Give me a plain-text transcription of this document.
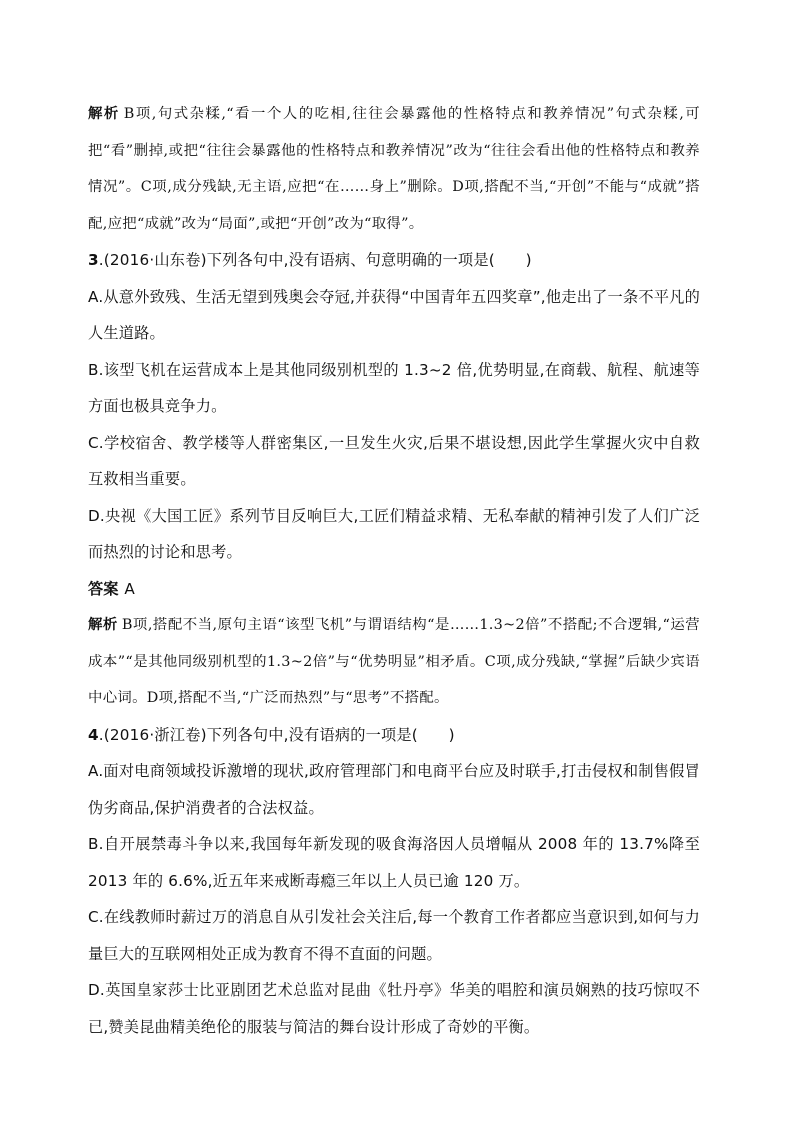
解析 B项,句式杂糅,“看一个人的吃相,往往会暴露他的性格特点和教养情况”句式杂糅,可把“看”删掉,或把“往往会暴露他的性格特点和教养情况”改为“往往会看出他的性格特点和教养情况”。C项,成分残缺,无主语,应把“在……身上”删除。D项,搭配不当,“开创”不能与“成就”搭配,应把“成就”改为“局面”,或把“开创”改为“取得”。

3.(2016·山东卷)下列各句中,没有语病、句意明确的一项是(　　)

A.从意外致残、生活无望到残奥会夺冠,并获得“中国青年五四奖章”,他走出了一条不平凡的人生道路。

B.该型飞机在运营成本上是其他同级别机型的 1.3~2 倍,优势明显,在商载、航程、航速等方面也极具竞争力。

C.学校宿舍、教学楼等人群密集区,一旦发生火灾,后果不堪设想,因此学生掌握火灾中自救互救相当重要。

D.央视《大国工匠》系列节目反响巨大,工匠们精益求精、无私奉献的精神引发了人们广泛而热烈的讨论和思考。

答案 A

解析 B项,搭配不当,原句主语“该型飞机”与谓语结构“是……1.3~2倍”不搭配;不合逻辑,“运营成本”“是其他同级别机型的1.3~2倍”与“优势明显”相矛盾。C项,成分残缺,“掌握”后缺少宾语中心词。D项,搭配不当,“广泛而热烈”与“思考”不搭配。

4.(2016·浙江卷)下列各句中,没有语病的一项是(　　)

A.面对电商领域投诉激增的现状,政府管理部门和电商平台应及时联手,打击侵权和制售假冒伪劣商品,保护消费者的合法权益。

B.自开展禁毒斗争以来,我国每年新发现的吸食海洛因人员增幅从 2008 年的 13.7%降至 2013 年的 6.6%,近五年来戒断毒瘾三年以上人员已逾 120 万。

C.在线教师时薪过万的消息自从引发社会关注后,每一个教育工作者都应当意识到,如何与力量巨大的互联网相处正成为教育不得不直面的问题。

D.英国皇家莎士比亚剧团艺术总监对昆曲《牡丹亭》华美的唱腔和演员娴熟的技巧惊叹不已,赞美昆曲精美绝伦的服装与简洁的舞台设计形成了奇妙的平衡。
